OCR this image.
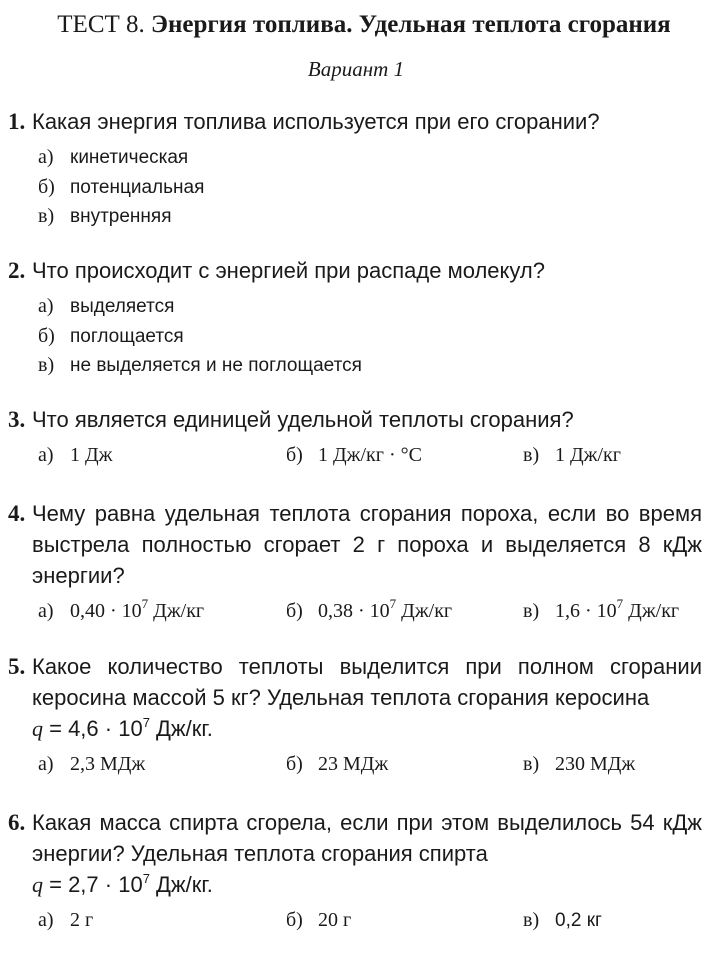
ТЕСТ 8. Энергия топлива. Удельная теплота сгорания
Вариант 1
1. Какая энергия топлива используется при его сгорании?
а) кинетическая
б) потенциальная
в) внутренняя
2. Что происходит с энергией при распаде молекул?
а) выделяется
б) поглощается
в) не выделяется и не поглощается
3. Что является единицей удельной теплоты сгорания?
а) 1 Дж	б) 1 Дж/кг · °С	в) 1 Дж/кг
4. Чему равна удельная теплота сгорания пороха, если во время выстрела полностью сгорает 2 г пороха и выделяется 8 кДж энергии?
а) $0,40 \cdot 10^7$ Дж/кг	б) $0,38 \cdot 10^7$ Дж/кг	в) $1,6 \cdot 10^7$ Дж/кг
5. Какое количество теплоты выделится при полном сгорании керосина массой 5 кг? Удельная теплота сгорания керосина
$q = 4,6 \cdot 10^7$ Дж/кг.
а) 2,3 МДж	б) 23 МДж	в) 230 МДж
6. Какая масса спирта сгорела, если при этом выделилось 54 кДж энергии? Удельная теплота сгорания спирта
$q = 2,7 \cdot 10^7$ Дж/кг.
а) 2 г	б) 20 г	в) 0,2 кг
